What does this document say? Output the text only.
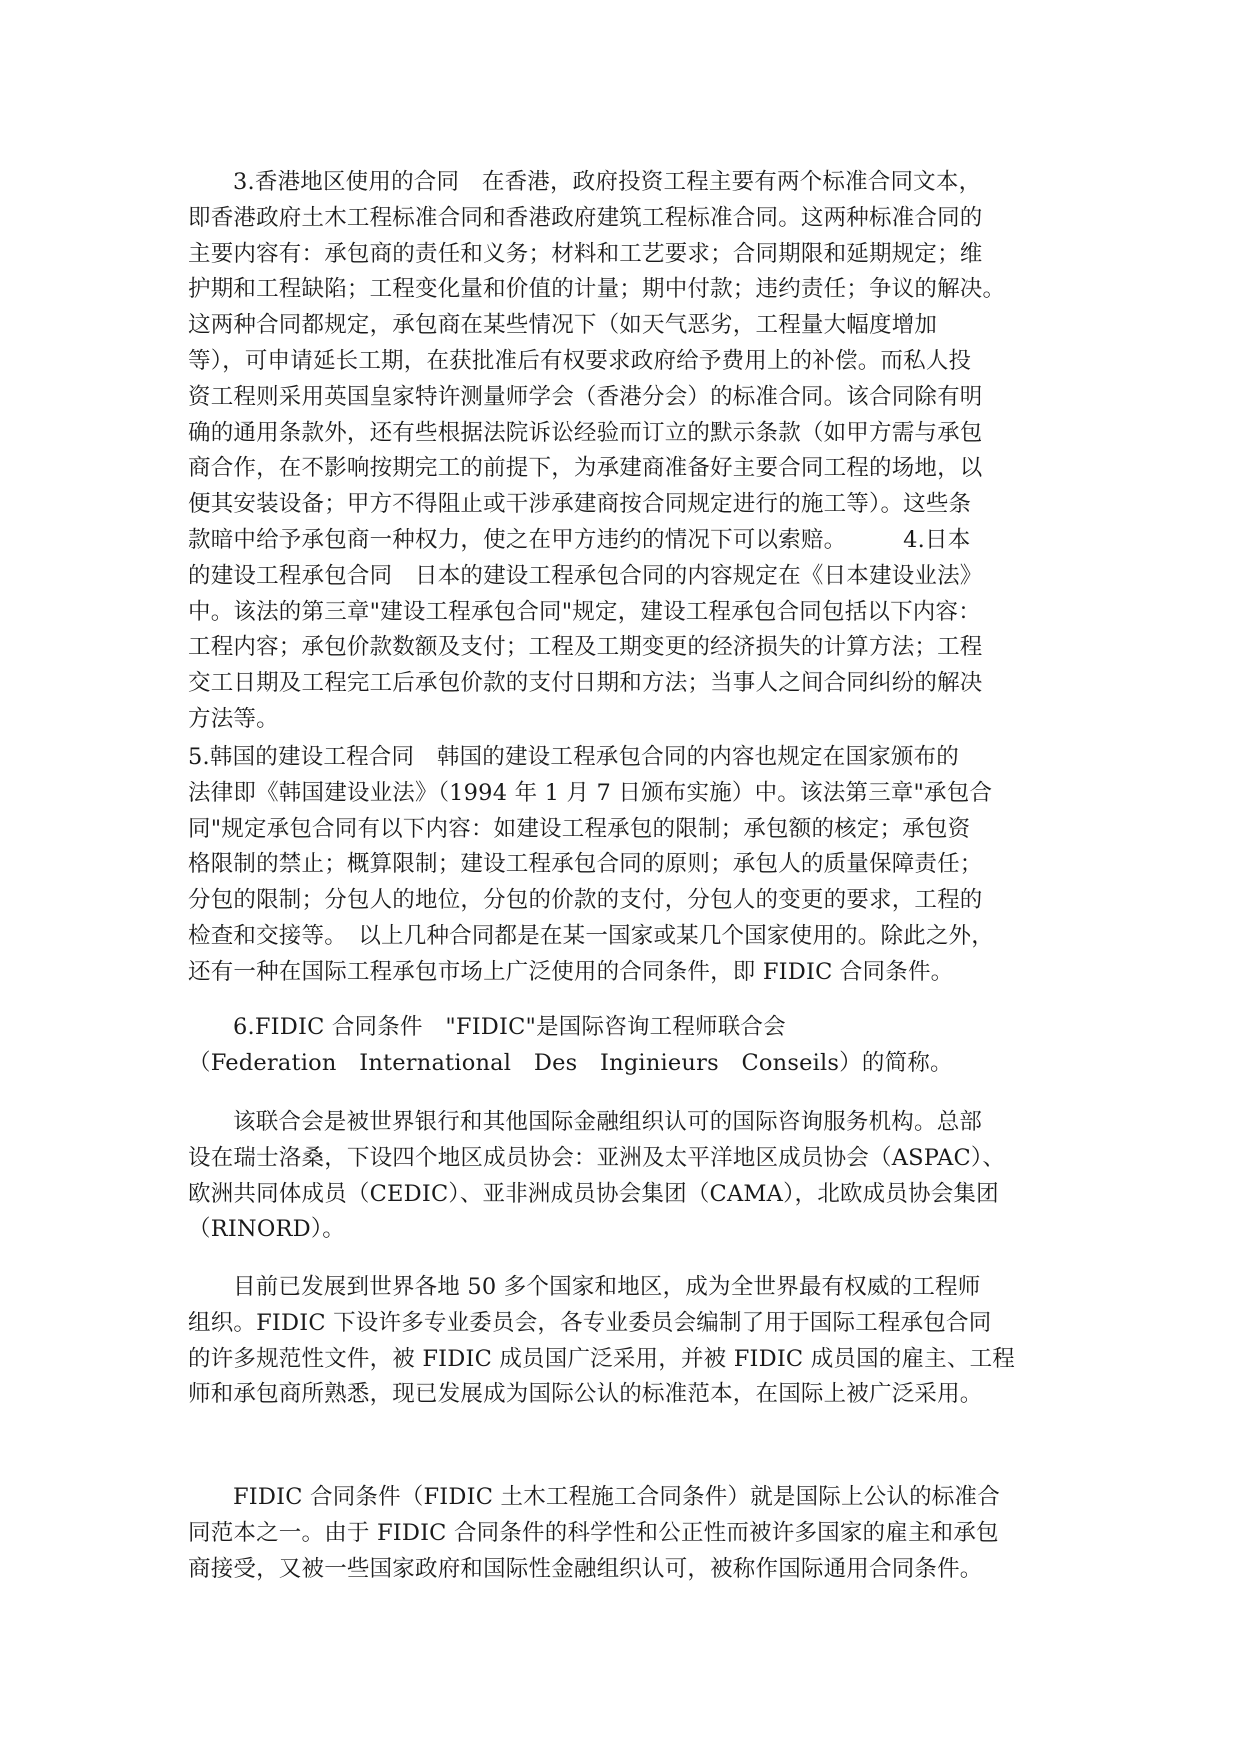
3.香港地区使用的合同　在香港，政府投资工程主要有两个标准合同文本，
即香港政府土木工程标准合同和香港政府建筑工程标准合同。这两种标准合同的
主要内容有：承包商的责任和义务；材料和工艺要求；合同期限和延期规定；维
护期和工程缺陷；工程变化量和价值的计量；期中付款；违约责任；争议的解决。
这两种合同都规定，承包商在某些情况下（如天气恶劣，工程量大幅度增加
等），可申请延长工期，在获批准后有权要求政府给予费用上的补偿。而私人投
资工程则采用英国皇家特许测量师学会（香港分会）的标准合同。该合同除有明
确的通用条款外，还有些根据法院诉讼经验而订立的默示条款（如甲方需与承包
商合作，在不影响按期完工的前提下，为承建商准备好主要合同工程的场地，以
便其安装设备；甲方不得阻止或干涉承建商按合同规定进行的施工等）。这些条
款暗中给予承包商一种权力，使之在甲方违约的情况下可以索赔。　　　4.日本
的建设工程承包合同　日本的建设工程承包合同的内容规定在《日本建设业法》
中。该法的第三章"建设工程承包合同"规定，建设工程承包合同包括以下内容：
工程内容；承包价款数额及支付；工程及工期变更的经济损失的计算方法；工程
交工日期及工程完工后承包价款的支付日期和方法；当事人之间合同纠纷的解决
方法等。
5.韩国的建设工程合同　韩国的建设工程承包合同的内容也规定在国家颁布的
法律即《韩国建设业法》（1994 年 1 月 7 日颁布实施）中。该法第三章"承包合
同"规定承包合同有以下内容：如建设工程承包的限制；承包额的核定；承包资
格限制的禁止；概算限制；建设工程承包合同的原则；承包人的质量保障责任；
分包的限制；分包人的地位，分包的价款的支付，分包人的变更的要求，工程的
检查和交接等。　以上几种合同都是在某一国家或某几个国家使用的。除此之外，
还有一种在国际工程承包市场上广泛使用的合同条件，即 FIDIC 合同条件。
6.FIDIC 合同条件　"FIDIC"是国际咨询工程师联合会
（Federation　International　Des　Inginieurs　Conseils）的简称。
该联合会是被世界银行和其他国际金融组织认可的国际咨询服务机构。总部
设在瑞士洛桑，下设四个地区成员协会：亚洲及太平洋地区成员协会（ASPAC）、
欧洲共同体成员（CEDIC）、亚非洲成员协会集团（CAMA），北欧成员协会集团
（RINORD）。
目前已发展到世界各地 50 多个国家和地区，成为全世界最有权威的工程师
组织。FIDIC 下设许多专业委员会，各专业委员会编制了用于国际工程承包合同
的许多规范性文件，被 FIDIC 成员国广泛采用，并被 FIDIC 成员国的雇主、工程
师和承包商所熟悉，现已发展成为国际公认的标准范本，在国际上被广泛采用。
FIDIC 合同条件（FIDIC 土木工程施工合同条件）就是国际上公认的标准合
同范本之一。由于 FIDIC 合同条件的科学性和公正性而被许多国家的雇主和承包
商接受，又被一些国家政府和国际性金融组织认可，被称作国际通用合同条件。
